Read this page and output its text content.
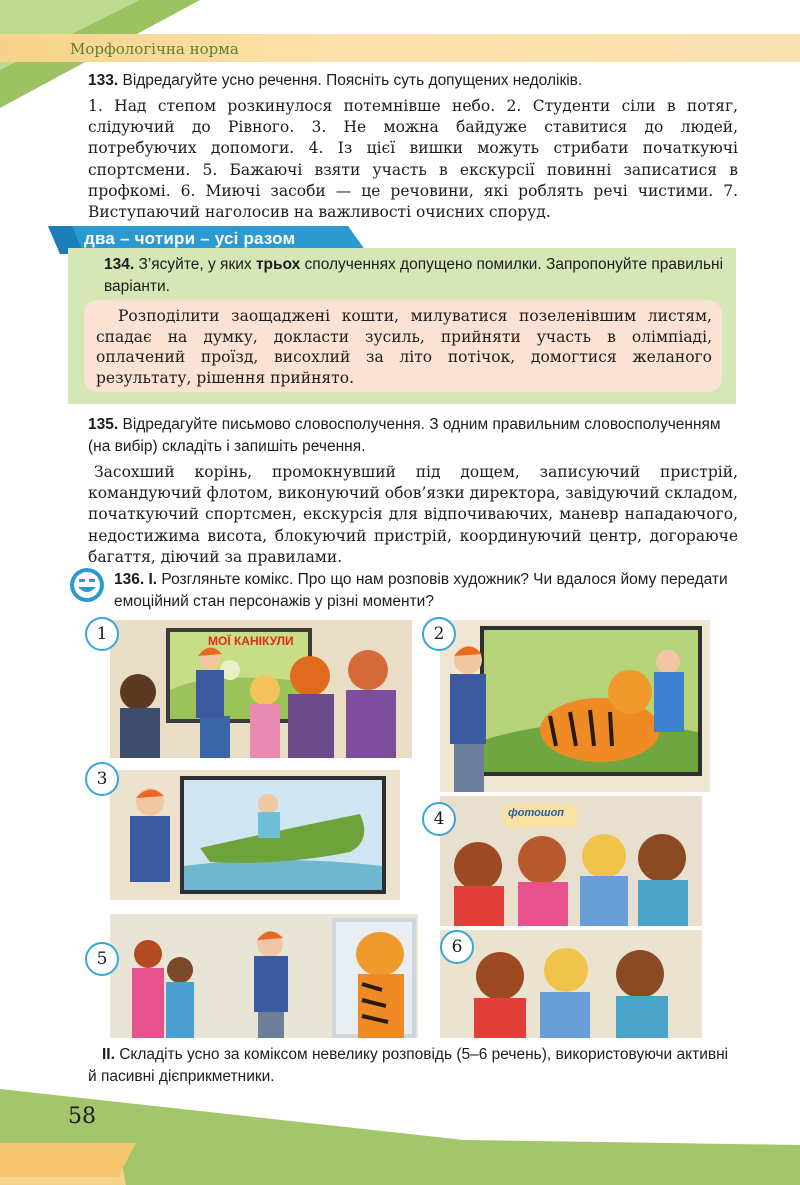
Морфологічна норма
133. Відредагуйте усно речення. Поясніть суть допущених недоліків.
1. Над степом розкинулося потемнівше небо. 2. Студенти сіли в потяг, слідуючий до Рівного. 3. Не можна байдуже ставитися до людей, потребуючих допомоги. 4. Із цієї вишки можуть стрибати початкуючі спортсмени. 5. Бажаючі взяти участь в екскурсії повинні записатися в профкомі. 6. Миючі засоби — це речовини, які роблять речі чистими. 7. Виступаючий наголосив на важливості очисних споруд.
два – чотири – усі разом
134. З’ясуйте, у яких трьох сполученнях допущено помилки. Запропонуйте правильні варіанти.
Розподілити заощаджені кошти, милуватися позеленівшим листям, спадає на думку, докласти зусиль, прийняти участь в олімпіаді, оплачений проїзд, висохлий за літо потічок, домогтися желаного результату, рішення прийнято.
135. Відредагуйте письмово словосполучення. З одним правильним словосполученням (на вибір) складіть і запишіть речення.
Засохший корінь, промокнувший під дощем, записуючий пристрій, командуючий флотом, виконуючий обов’язки директора, завідуючий складом, початкуючий спортсмен, екскурсія для відпочиваючих, маневр нападаючого, недостижима висота, блокуючий пристрій, координуючий центр, догораюче багаття, діючий за правилами.
136. I. Розгляньте комікс. Про що нам розповів художник? Чи вдалося йому передати емоційний стан персонажів у різні моменти?
МОЇ КАНІКУЛИ
1	2
3
фотошоп
4
5
6
II. Складіть усно за коміксом невелику розповідь (5–6 речень), використовуючи активні й пасивні дієприкметники.
58
